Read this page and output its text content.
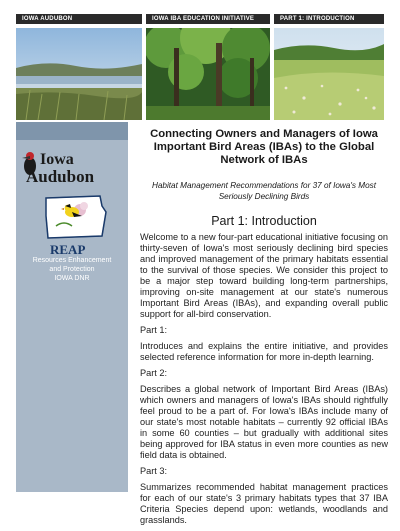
IOWA AUDUBON	IOWA IBA EDUCATION INITIATIVE	PART 1: INTRODUCTION
Iowa
Audubon
REAP
Resources Enhancement
and Protection
IOWA DNR

Connecting Owners and Managers of Iowa Important Bird Areas (IBAs) to the Global Network of IBAs

Habitat Management Recommendations for 37 of Iowa's Most Seriously Declining Birds
Part 1: Introduction

Welcome to a new four-part educational initiative focusing on thirty-seven of Iowa's most seriously declining bird species and improved management of the primary habitats essential to the survival of those species. We consider this project to be a major step toward building long-term partnerships, improving on-site management at our state's numerous Important Bird Areas (IBAs), and expanding overall public support for all-bird conservation.

Part 1:

Introduces and explains the entire initiative, and provides selected reference information for more in-depth learning.

Part 2:

Describes a global network of Important Bird Areas (IBAs) which owners and managers of Iowa's IBAs should rightfully feel proud to be a part of. For Iowa's IBAs include many of our state's most notable habitats – currently 92 official IBAs in some 60 counties – but gradually with additional sites being approved for IBA status in even more counties as new field data is obtained.

Part 3:

Summarizes recommended habitat management practices for each of our state's 3 primary habitats types that 37 IBA Criteria Species depend upon: wetlands, woodlands and grasslands.
